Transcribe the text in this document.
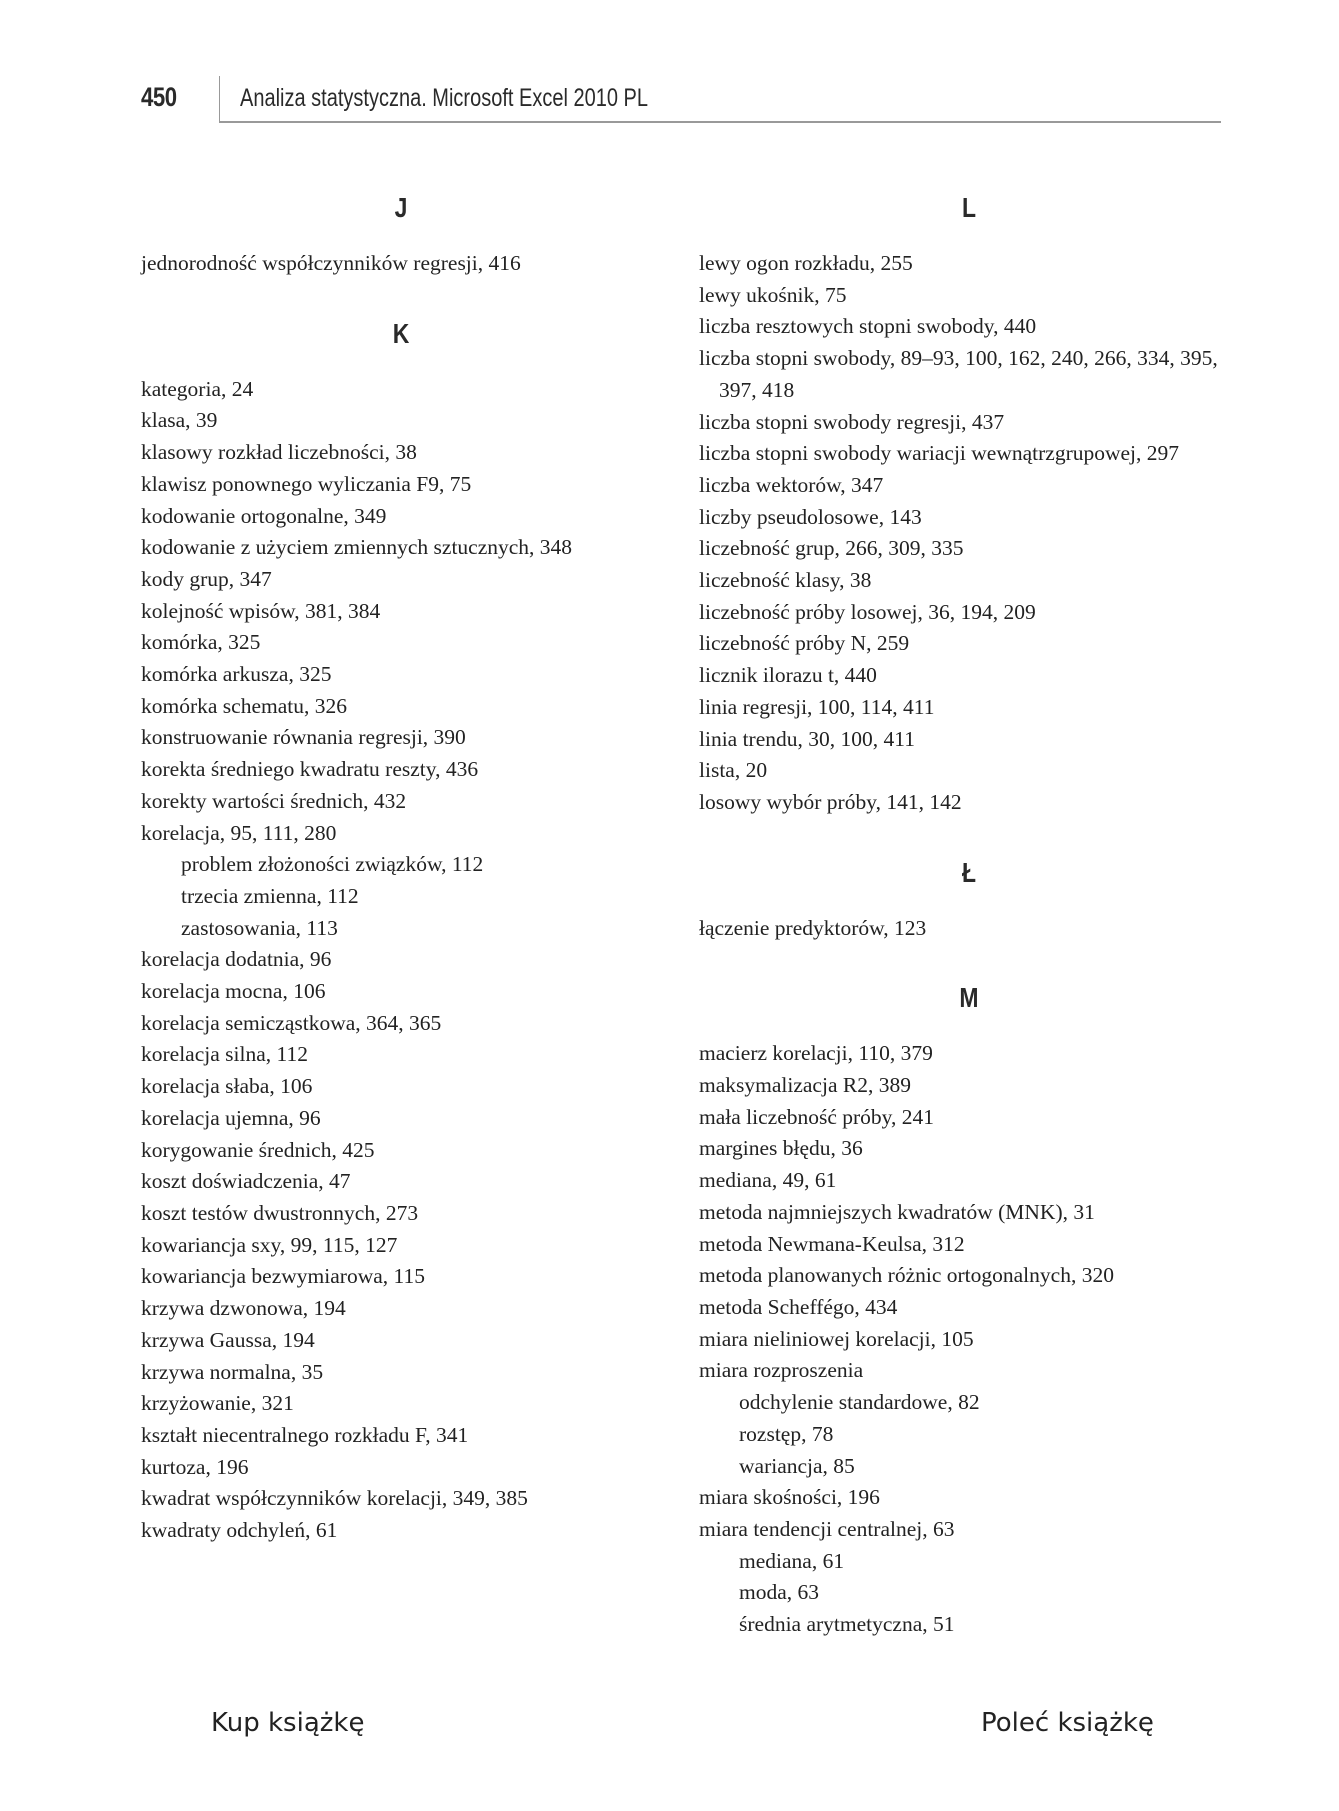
450	Analiza statystyczna. Microsoft Excel 2010 PL
J
jednorodność współczynników regresji, 416
K
kategoria, 24
klasa, 39
klasowy rozkład liczebności, 38
klawisz ponownego wyliczania F9, 75
kodowanie ortogonalne, 349
kodowanie z użyciem zmiennych sztucznych, 348
kody grup, 347
kolejność wpisów, 381, 384
komórka, 325
komórka arkusza, 325
komórka schematu, 326
konstruowanie równania regresji, 390
korekta średniego kwadratu reszty, 436
korekty wartości średnich, 432
korelacja, 95, 111, 280
problem złożoności związków, 112
trzecia zmienna, 112
zastosowania, 113
korelacja dodatnia, 96
korelacja mocna, 106
korelacja semicząstkowa, 364, 365
korelacja silna, 112
korelacja słaba, 106
korelacja ujemna, 96
korygowanie średnich, 425
koszt doświadczenia, 47
koszt testów dwustronnych, 273
kowariancja sxy, 99, 115, 127
kowariancja bezwymiarowa, 115
krzywa dzwonowa, 194
krzywa Gaussa, 194
krzywa normalna, 35
krzyżowanie, 321
kształt niecentralnego rozkładu F, 341
kurtoza, 196
kwadrat współczynników korelacji, 349, 385
kwadraty odchyleń, 61
L
lewy ogon rozkładu, 255
lewy ukośnik, 75
liczba resztowych stopni swobody, 440
liczba stopni swobody, 89–93, 100, 162, 240, 266, 334, 395, 397, 418
liczba stopni swobody regresji, 437
liczba stopni swobody wariacji wewnątrzgrupowej, 297
liczba wektorów, 347
liczby pseudolosowe, 143
liczebność grup, 266, 309, 335
liczebność klasy, 38
liczebność próby losowej, 36, 194, 209
liczebność próby N, 259
licznik ilorazu t, 440
linia regresji, 100, 114, 411
linia trendu, 30, 100, 411
lista, 20
losowy wybór próby, 141, 142
Ł
łączenie predyktorów, 123
M
macierz korelacji, 110, 379
maksymalizacja R2, 389
mała liczebność próby, 241
margines błędu, 36
mediana, 49, 61
metoda najmniejszych kwadratów (MNK), 31
metoda Newmana-Keulsa, 312
metoda planowanych różnic ortogonalnych, 320
metoda Scheffégo, 434
miara nieliniowej korelacji, 105
miara rozproszenia
odchylenie standardowe, 82
rozstęp, 78
wariancja, 85
miara skośności, 196
miara tendencji centralnej, 63
mediana, 61
moda, 63
średnia arytmetyczna, 51
Kup książkę	Poleć książkę
